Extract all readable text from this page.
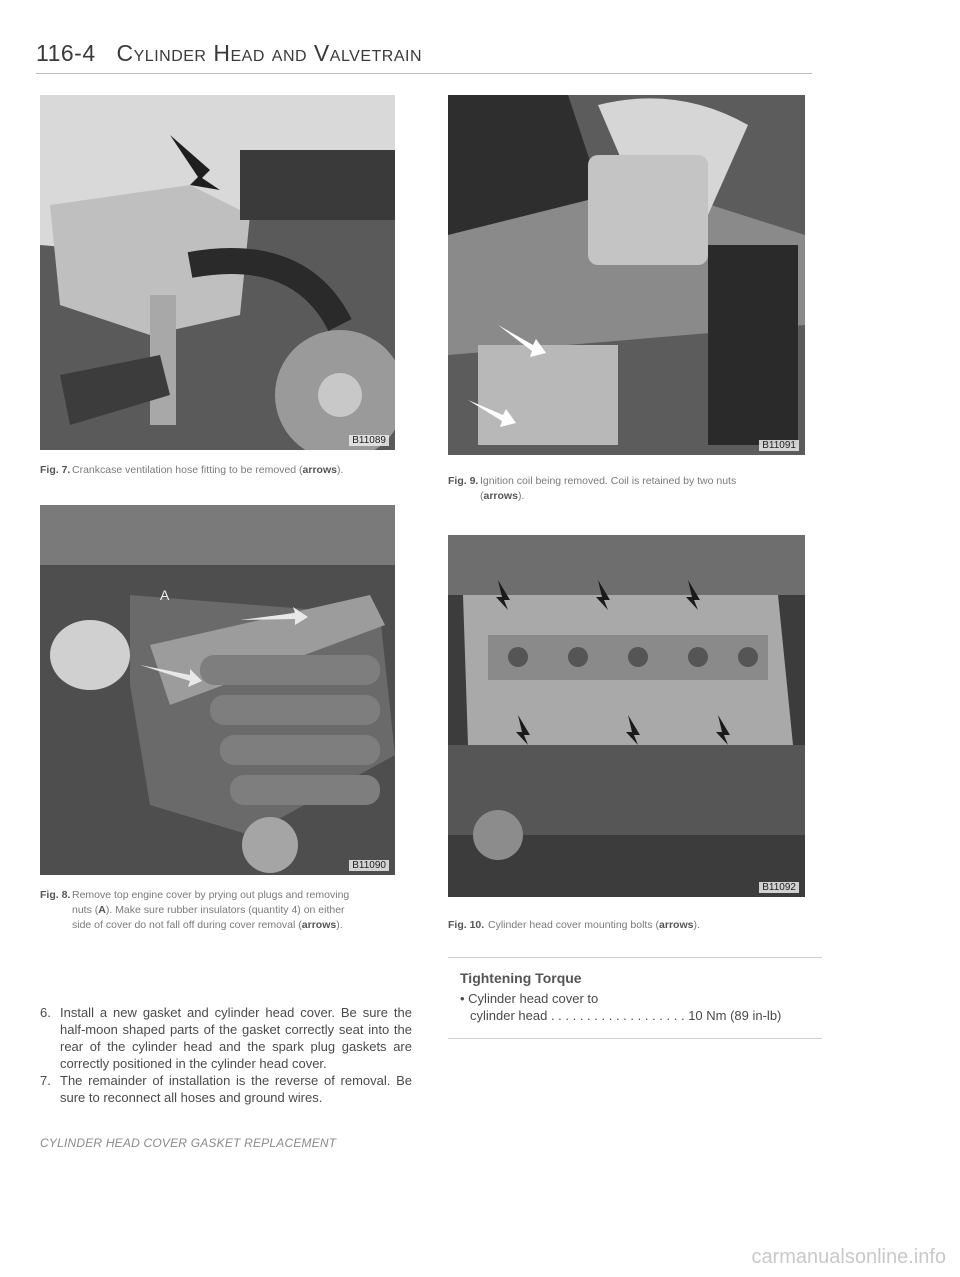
116-4 Cylinder Head and Valvetrain
B11089
Fig. 7. Crankcase ventilation hose fitting to be removed (arrows).
A
B11090
Fig. 8. Remove top engine cover by prying out plugs and removing
nuts (A). Make sure rubber insulators (quantity 4) on either
side of cover do not fall off during cover removal (arrows).
B11091
Fig. 9. Ignition coil being removed. Coil is retained by two nuts
(arrows).
B11092
Fig. 10. Cylinder head cover mounting bolts (arrows).
6. Install a new gasket and cylinder head cover. Be sure the half-moon shaped parts of the gasket correctly seat into the rear of the cylinder head and the spark plug gaskets are correctly positioned in the cylinder head cover.
7. The remainder of installation is the reverse of removal. Be sure to reconnect all hoses and ground wires.
Tightening Torque
• Cylinder head cover to
cylinder head . . . . . . . . . . . . . . . . . . . 10 Nm (89 in-lb)
CYLINDER HEAD COVER GASKET REPLACEMENT
carmanualsonline.info
